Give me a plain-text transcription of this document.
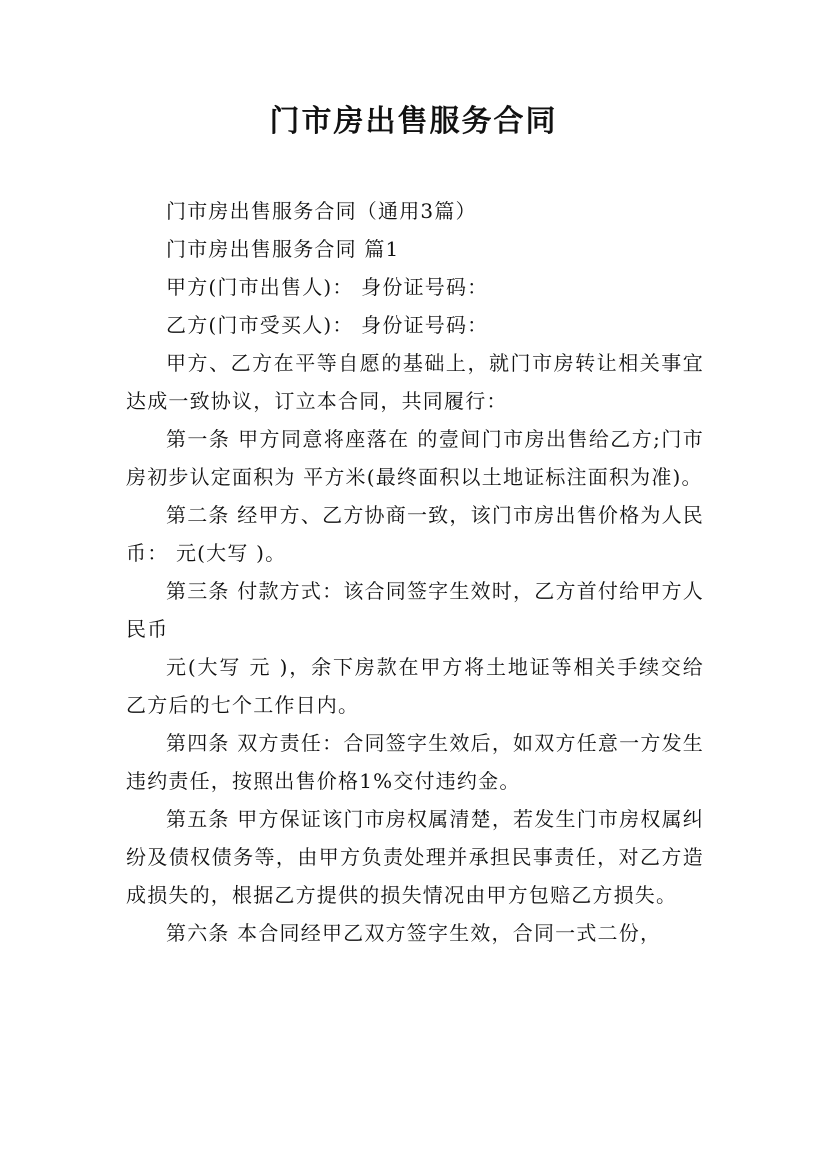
门市房出售服务合同

门市房出售服务合同（通用3篇）

门市房出售服务合同 篇1

甲方(门市出售人)： 身份证号码：

乙方(门市受买人)： 身份证号码：

甲方、乙方在平等自愿的基础上，就门市房转让相关事宜达成一致协议，订立本合同，共同履行：

第一条 甲方同意将座落在 的壹间门市房出售给乙方;门市房初步认定面积为 平方米(最终面积以土地证标注面积为准)。

第二条 经甲方、乙方协商一致，该门市房出售价格为人民币： 元(大写 )。

第三条 付款方式：该合同签字生效时，乙方首付给甲方人民币

元(大写 元 )，余下房款在甲方将土地证等相关手续交给乙方后的七个工作日内。

第四条 双方责任：合同签字生效后，如双方任意一方发生违约责任，按照出售价格1%交付违约金。

第五条 甲方保证该门市房权属清楚，若发生门市房权属纠纷及债权债务等，由甲方负责处理并承担民事责任，对乙方造成损失的，根据乙方提供的损失情况由甲方包赔乙方损失。

第六条 本合同经甲乙双方签字生效，合同一式二份，
